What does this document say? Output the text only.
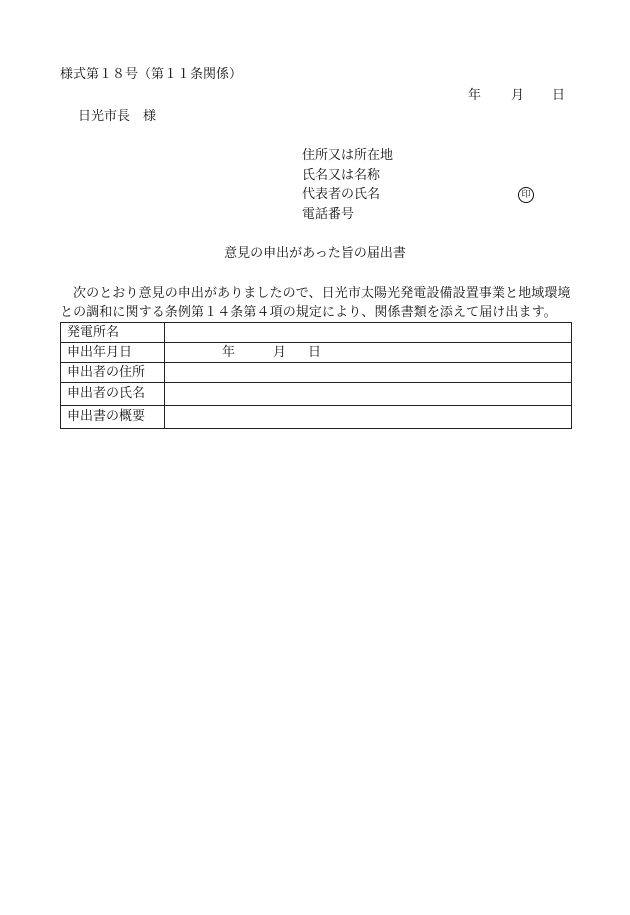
様式第１８号（第１１条関係）
年 月 日
日光市長　様
住所又は所在地
氏名又は名称
代表者の氏名	印
電話番号
意見の申出があった旨の届出書
次のとおり意見の申出がありましたので、日光市太陽光発電設備設置事業と地域環境との調和に関する条例第１４条第４項の規定により、関係書類を添えて届け出ます。
発電所名	
申出年月日	年 月 日
申出者の住所	
申出者の氏名	
申出書の概要	
